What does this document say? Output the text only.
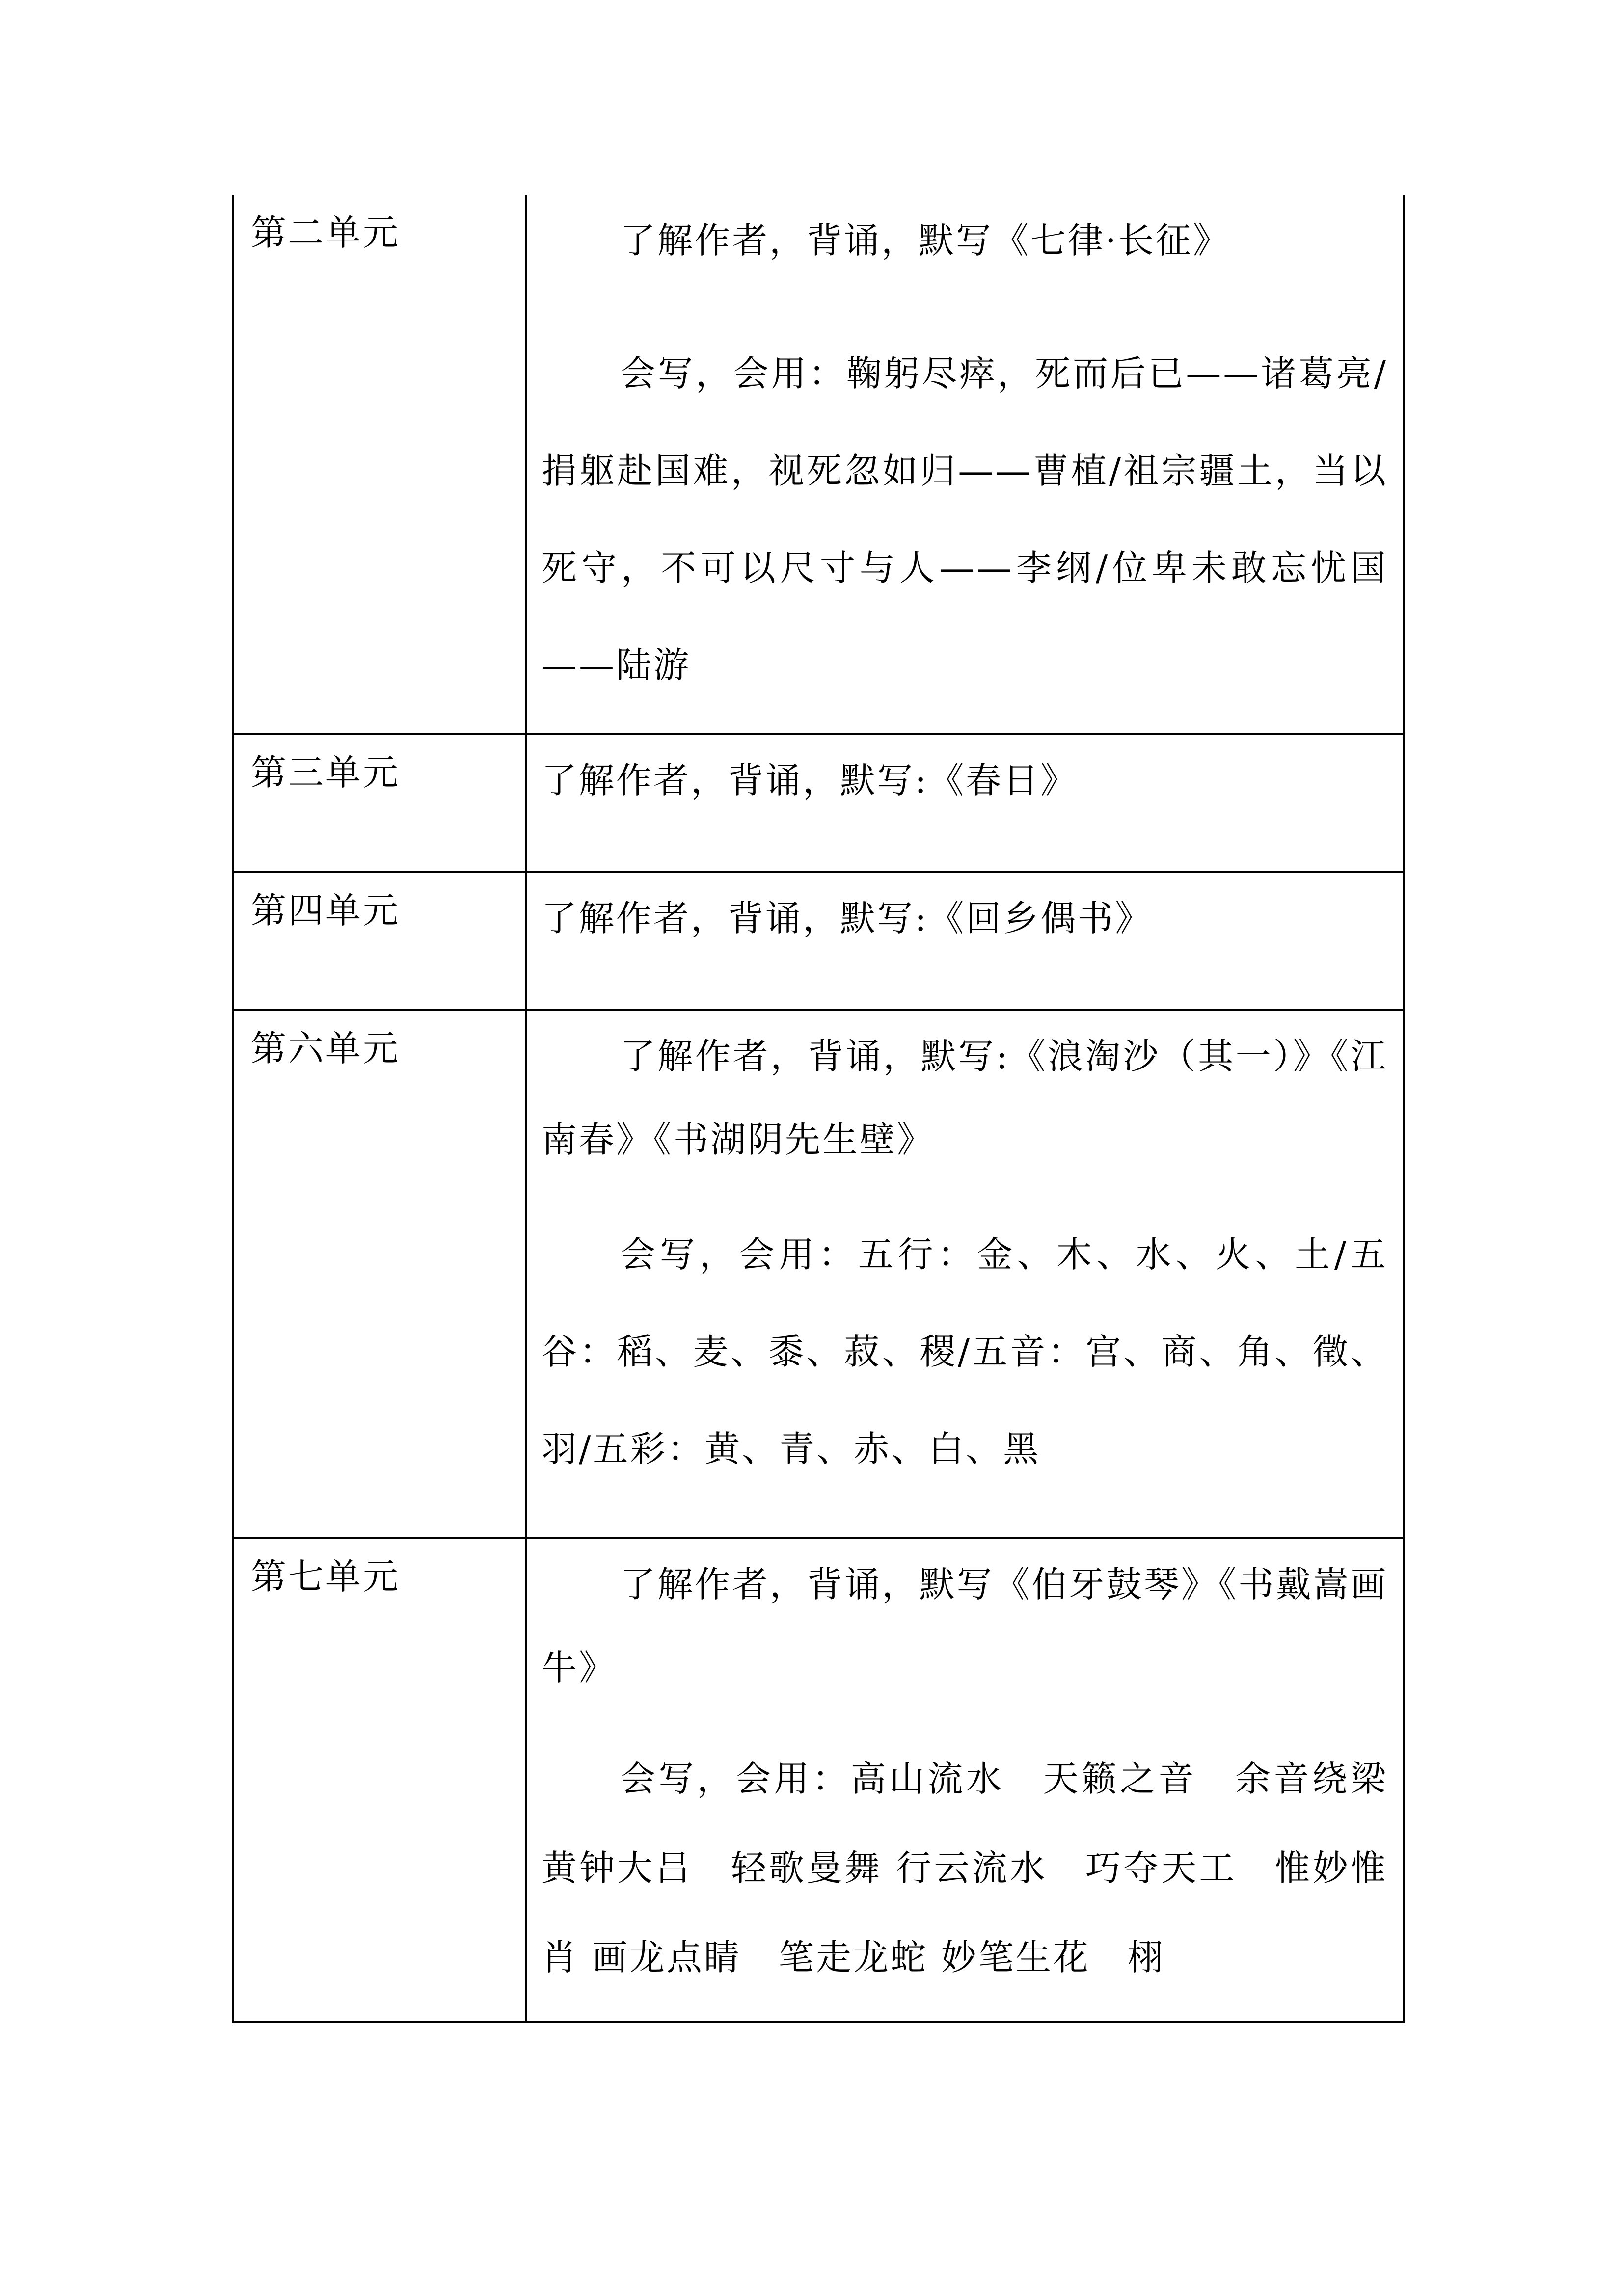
第二单元	了解作者，背诵，默写《七律·长征》

会写，会用：鞠躬尽瘁，死而后已——诸葛亮/捐躯赴国难，视死忽如归——曹植/祖宗疆土，当以死守，不可以尺寸与人——李纲/位卑未敢忘忧国——陆游

第三单元	了解作者，背诵，默写:《春日》

第四单元	了解作者，背诵，默写:《回乡偶书》

第六单元	了解作者，背诵，默写:《浪淘沙（其一）》《江南春》《书湖阴先生壁》

会写，会用：五行：金、木、水、火、土/五谷：稻、麦、黍、菽、稷/五音：宫、商、角、徵、羽/五彩：黄、青、赤、白、黑

第七单元	了解作者，背诵，默写《伯牙鼓琴》《书戴嵩画牛》

会写，会用：高山流水　天籁之音　余音绕梁　黄钟大吕　轻歌曼舞 行云流水　巧夺天工　惟妙惟肖 画龙点睛　笔走龙蛇 妙笔生花　栩
